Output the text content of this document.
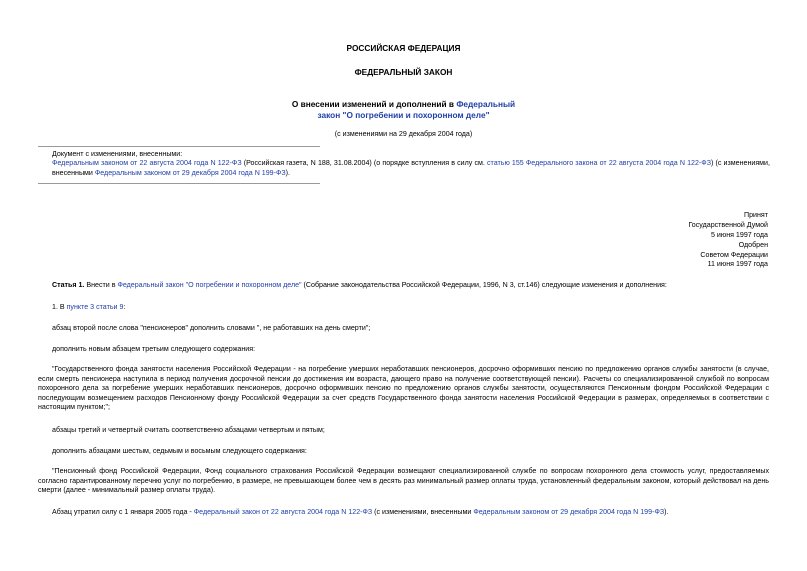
РОССИЙСКАЯ ФЕДЕРАЦИЯ
ФЕДЕРАЛЬНЫЙ ЗАКОН
О внесении изменений и дополнений в Федеральный
закон "О погребении и похоронном деле"
(с изменениями на 29 декабря 2004 года)
Документ с изменениями, внесенными:
Федеральным законом от 22 августа 2004 года N 122-ФЗ (Российская газета, N 188, 31.08.2004) (о порядке вступления в силу см. статью 155 Федерального закона от 22 августа 2004 года N 122-ФЗ) (с изменениями, внесенными Федеральным законом от 29 декабря 2004 года N 199-ФЗ).
Принят
Государственной Думой
5 июня 1997 года
Одобрен
Советом Федерации
11 июня 1997 года
Статья 1. Внести в Федеральный закон "О погребении и похоронном деле" (Собрание законодательства Российской Федерации, 1996, N 3, ст.146) следующие изменения и дополнения:
1. В пункте 3 статьи 9:
абзац второй после слова "пенсионеров" дополнить словами ", не работавших на день смерти";
дополнить новым абзацем третьим следующего содержания:
"Государственного фонда занятости населения Российской Федерации - на погребение умерших неработавших пенсионеров, досрочно оформивших пенсию по предложению органов службы занятости (в случае, если смерть пенсионера наступила в период получения досрочной пенсии до достижения им возраста, дающего право на получение соответствующей пенсии). Расчеты со специализированной службой по вопросам похоронного дела за погребение умерших неработавших пенсионеров, досрочно оформивших пенсию по предложению органов службы занятости, осуществляются Пенсионным фондом Российской Федерации с последующим возмещением расходов Пенсионному фонду Российской Федерации за счет средств Государственного фонда занятости населения Российской Федерации в размерах, определяемых в соответствии с настоящим пунктом;";
абзацы третий и четвертый считать соответственно абзацами четвертым и пятым;
дополнить абзацами шестым, седьмым и восьмым следующего содержания:
"Пенсионный фонд Российской Федерации, Фонд социального страхования Российской Федерации возмещают специализированной службе по вопросам похоронного дела стоимость услуг, предоставляемых согласно гарантированному перечню услуг по погребению, в размере, не превышающем более чем в десять раз минимальный размер оплаты труда, установленный федеральным законом, который действовал на день смерти (далее - минимальный размер оплаты труда).
Абзац утратил силу с 1 января 2005 года - Федеральный закон от 22 августа 2004 года N 122-ФЗ (с изменениями, внесенными Федеральным законом от 29 декабря 2004 года N 199-ФЗ).
